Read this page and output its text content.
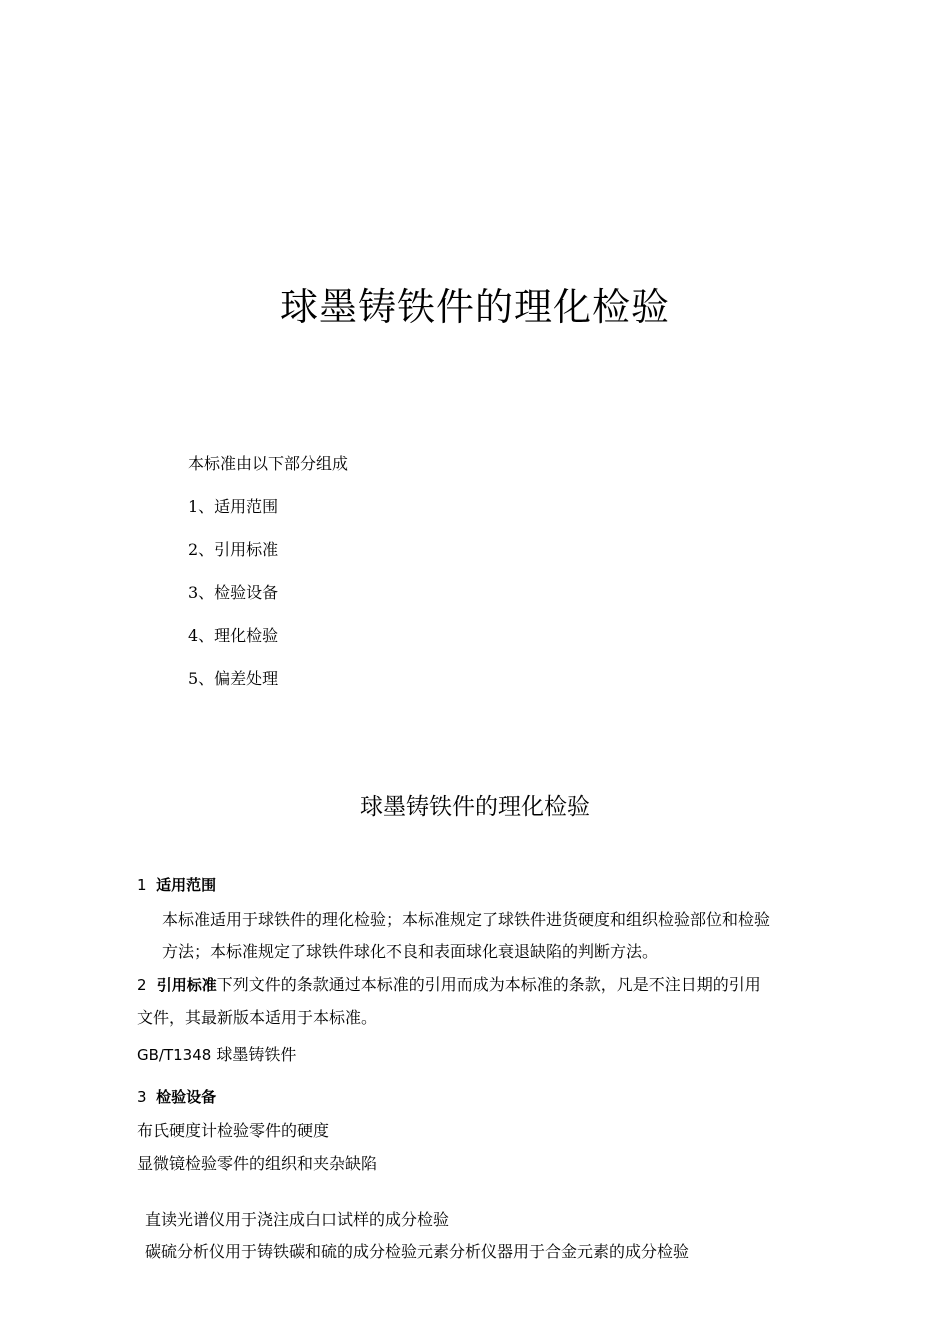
球墨铸铁件的理化检验
本标准由以下部分组成
1、适用范围
2、引用标准
3、检验设备
4、理化检验
5、偏差处理
球墨铸铁件的理化检验
1 适用范围
本标准适用于球铁件的理化检验；本标准规定了球铁件进货硬度和组织检验部位和检验
方法；本标准规定了球铁件球化不良和表面球化衰退缺陷的判断方法。
2 引用标准下列文件的条款通过本标准的引用而成为本标准的条款，凡是不注日期的引用
文件，其最新版本适用于本标准。
GB/T1348 球墨铸铁件
3 检验设备
布氏硬度计检验零件的硬度
显微镜检验零件的组织和夹杂缺陷
直读光谱仪用于浇注成白口试样的成分检验
碳硫分析仪用于铸铁碳和硫的成分检验元素分析仪器用于合金元素的成分检验
